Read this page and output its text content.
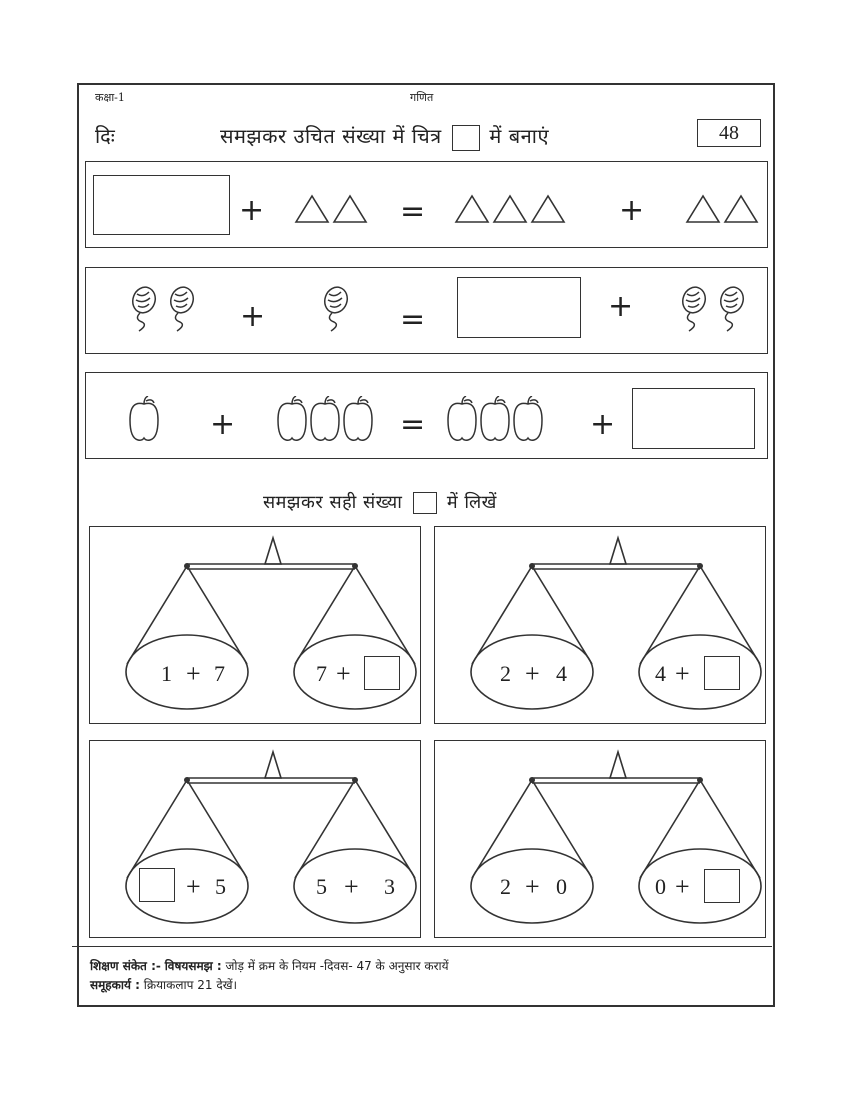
कक्षा-1	गणित
दिः	समझकर उचित संख्या में चित्र में बनाएं	48
+	=	+
+	=	+
+	=	+
समझकर सही संख्या में लिखें
1 + 7	7 +	2 + 4	4 +
+ 5	5 + 3	2 + 0	0 +
शिक्षण संकेत :- विषयसमझ : जोड़ में क्रम के नियम -दिवस- 47 के अनुसार करायें
समूहकार्य : क्रियाकलाप 21 देखें।
